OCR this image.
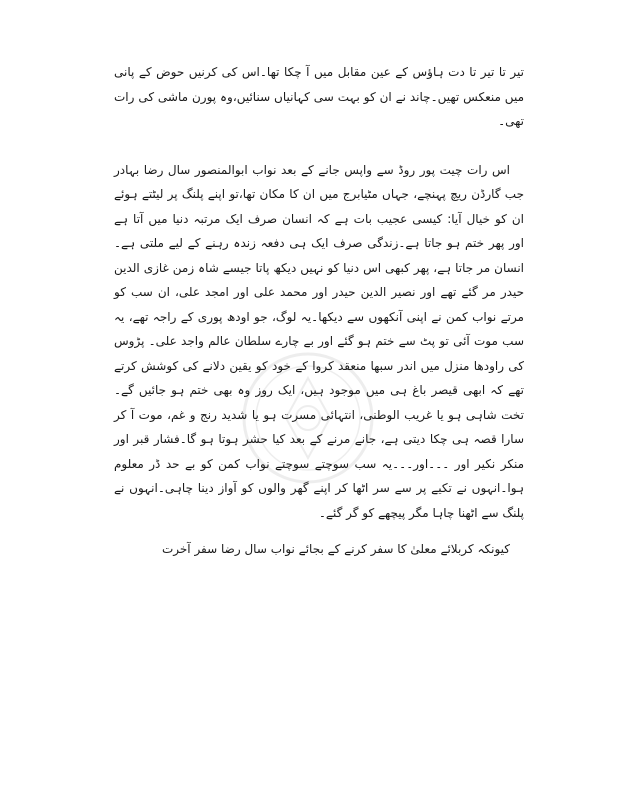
تیر تا تیر تا دت ہاؤس کے عین مقابل میں آ چکا تھا۔اس کی کرنیں حوض کے پانی میں منعکس تھیں۔چاند نے ان کو بہت سی کہانیاں سنائیں،وہ پورن ماشی کی رات تھی۔

اس رات چیت پور روڈ سے واپس جانے کے بعد نواب ابوالمنصور سال رضا بہادر جب گارڈن ریچ پہنچے، جہاں مٹیابرج میں ان کا مکان تھا،تو اپنے پلنگ پر لیٹتے ہوئے ان کو خیال آیا: کیسی عجیب بات ہے کہ انسان صرف ایک مرتبہ دنیا میں آتا ہے اور پھر ختم ہو جاتا ہے۔زندگی صرف ایک ہی دفعہ زندہ رہنے کے لیے ملتی ہے۔انسان مر جاتا ہے، پھر کبھی اس دنیا کو نہیں دیکھ پاتا جیسے شاہ زمن غازی الدین حیدر مر گئے تھے اور نصیر الدین حیدر اور محمد علی اور امجد علی، ان سب کو مرتے نواب کمن نے اپنی آنکھوں سے دیکھا۔یہ لوگ، جو اودھ پوری کے راجہ تھے، یہ سب موت آئی تو پٹ سے ختم ہو گئے اور بے چارے سلطان عالم واجد علی۔ پڑوس کی راودھا منزل میں اندر سبھا منعقد کروا کے خود کو یقین دلانے کی کوشش کرتے تھے کہ ابھی قیصر باغ ہی میں موجود ہیں، ایک روز وہ بھی ختم ہو جائیں گے۔تخت شاہی ہو یا غریب الوطنی، انتہائی مسرت ہو یا شدید رنج و غم، موت آ کر سارا قصہ ہی چکا دیتی ہے، جانے مرنے کے بعد کیا حشر ہوتا ہو گا۔فشار قبر اور منکر نکیر اور ۔۔۔اور۔۔۔یہ سب سوچتے سوچتے نواب کمن کو بے حد ڈر معلوم ہوا۔انہوں نے تکیے پر سے سر اٹھا کر اپنے گھر والوں کو آواز دینا چاہی۔انہوں نے پلنگ سے اٹھنا چاہا مگر پیچھے کو گر گئے۔

کیونکہ کربلائے معلیٰ کا سفر کرنے کے بجائے نواب سال رضا سفر آخرت
